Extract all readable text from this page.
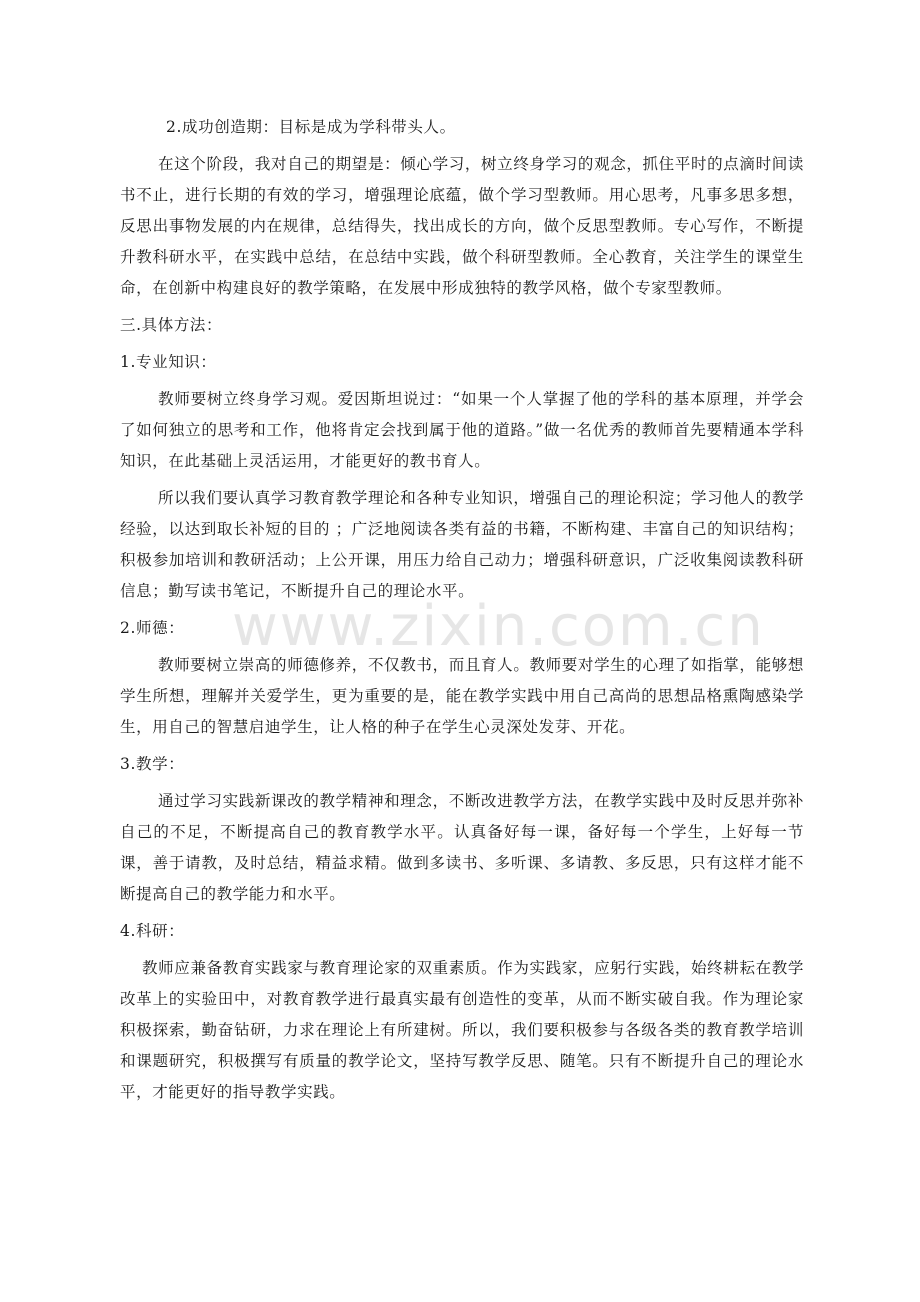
www.zixin.com.cn

2.成功创造期：目标是成为学科带头人。

在这个阶段，我对自己的期望是：倾心学习，树立终身学习的观念，抓住平时的点滴时间读书不止，进行长期的有效的学习，增强理论底蕴，做个学习型教师。用心思考，凡事多思多想，反思出事物发展的内在规律，总结得失，找出成长的方向，做个反思型教师。专心写作，不断提升教科研水平，在实践中总结，在总结中实践，做个科研型教师。全心教育，关注学生的课堂生命，在创新中构建良好的教学策略，在发展中形成独特的教学风格，做个专家型教师。

三.具体方法：

1.专业知识：

教师要树立终身学习观。爱因斯坦说过：“如果一个人掌握了他的学科的基本原理，并学会了如何独立的思考和工作，他将肯定会找到属于他的道路。”做一名优秀的教师首先要精通本学科知识，在此基础上灵活运用，才能更好的教书育人。

所以我们要认真学习教育教学理论和各种专业知识，增强自己的理论积淀；学习他人的教学经验，以达到取长补短的目的 ；广泛地阅读各类有益的书籍，不断构建、丰富自己的知识结构；积极参加培训和教研活动；上公开课，用压力给自己动力；增强科研意识，广泛收集阅读教科研信息；勤写读书笔记，不断提升自己的理论水平。

2.师德：

教师要树立崇高的师德修养，不仅教书，而且育人。教师要对学生的心理了如指掌，能够想学生所想，理解并关爱学生，更为重要的是，能在教学实践中用自己高尚的思想品格熏陶感染学生，用自己的智慧启迪学生，让人格的种子在学生心灵深处发芽、开花。

3.教学：

通过学习实践新课改的教学精神和理念，不断改进教学方法，在教学实践中及时反思并弥补自己的不足，不断提高自己的教育教学水平。认真备好每一课，备好每一个学生，上好每一节课，善于请教，及时总结，精益求精。做到多读书、多听课、多请教、多反思，只有这样才能不断提高自己的教学能力和水平。

4.科研：

教师应兼备教育实践家与教育理论家的双重素质。作为实践家，应躬行实践，始终耕耘在教学改革上的实验田中，对教育教学进行最真实最有创造性的变革，从而不断实破自我。作为理论家积极探索，勤奋钻研，力求在理论上有所建树。所以，我们要积极参与各级各类的教育教学培训和课题研究，积极撰写有质量的教学论文，坚持写教学反思、随笔。只有不断提升自己的理论水平，才能更好的指导教学实践。
